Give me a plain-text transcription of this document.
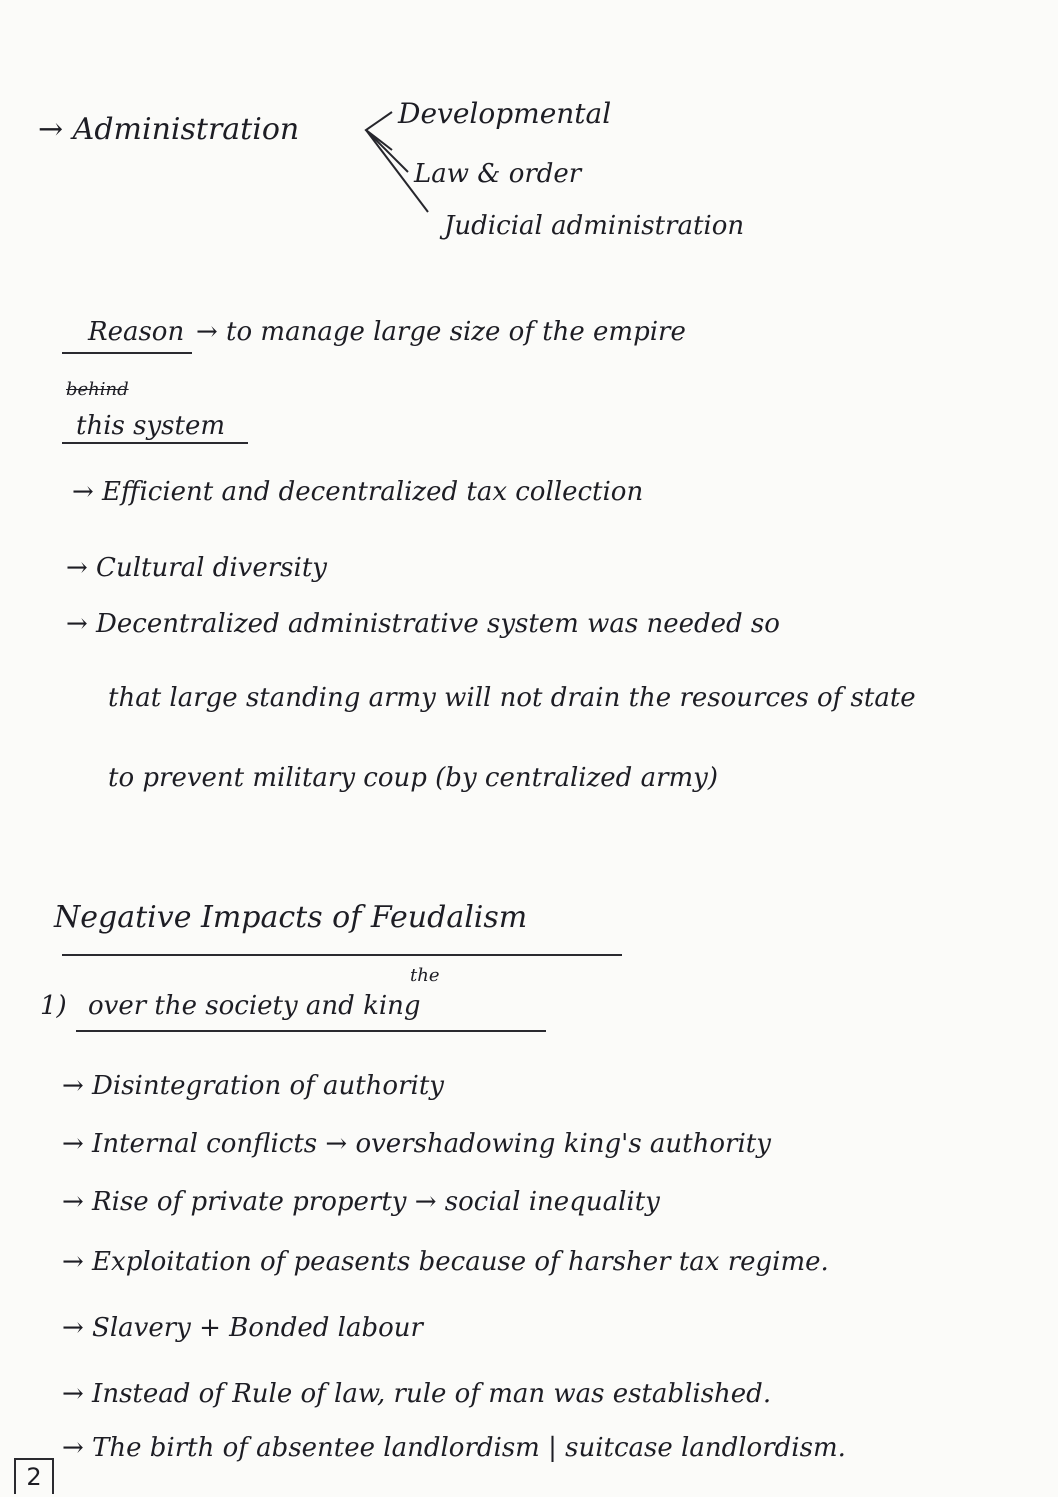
→ Administration	Developmental
Law & order
Judicial administration
Reason
behind
this system
→ to manage large size of the empire
→ Efficient and decentralized tax collection
→ Cultural diversity
→ Decentralized administrative system was needed so
that large standing army will not drain the resources of state
to prevent military coup (by centralized army)
Negative Impacts of Feudalism
the
1) over the society and king
→ Disintegration of authority
→ Internal conflicts → overshadowing king's authority
→ Rise of private property → social inequality
→ Exploitation of peasents because of harsher tax regime.
→ Slavery + Bonded labour
→ Instead of Rule of law, rule of man was established.
→ The birth of absentee landlordism | suitcase landlordism.
2
